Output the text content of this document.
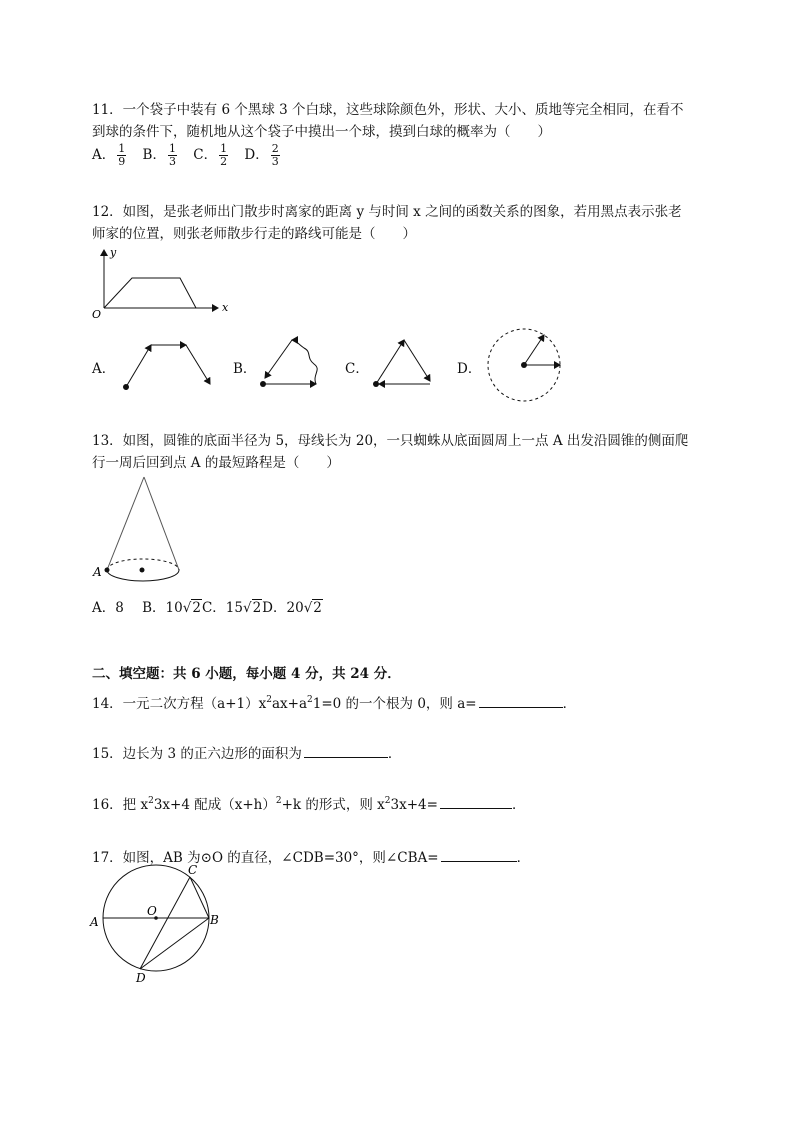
11．一个袋子中装有 6 个黑球 3 个白球，这些球除颜色外，形状、大小、质地等完全相同，在看不
到球的条件下，随机地从这个袋子中摸出一个球，摸到白球的概率为（　　）
A． $\frac{1}{9}$ B． $\frac{1}{3}$ C． $\frac{1}{2}$ D． $\frac{2}{3}$
12．如图，是张老师出门散步时离家的距离 y 与时间 x 之间的函数关系的图象，若用黑点表示张老
师家的位置，则张老师散步行走的路线可能是（　　）
y
x
O
A．	B．	C．	D．
13．如图，圆锥的底面半径为 5，母线长为 20，一只蜘蛛从底面圆周上一点 A 出发沿圆锥的侧面爬
行一周后回到点 A 的最短路程是（　　）
A
A．8 B．10√2C．15√2D．20√2
二、填空题：共 6 小题，每小题 4 分，共 24 分．
14．一元二次方程$(a+1)x^2ax+a^21=0$ 的一个根为 0，则 a=	．
15．边长为 3 的正六边形的面积为	．
16．把 $x^23x+4$ 配成$(x+h)^2+k$ 的形式，则 $x^23x+4=$	．
17．如图，AB 为⊙O 的直径，∠CDB=30°，则∠CBA=	．
A	B
C
D
O
